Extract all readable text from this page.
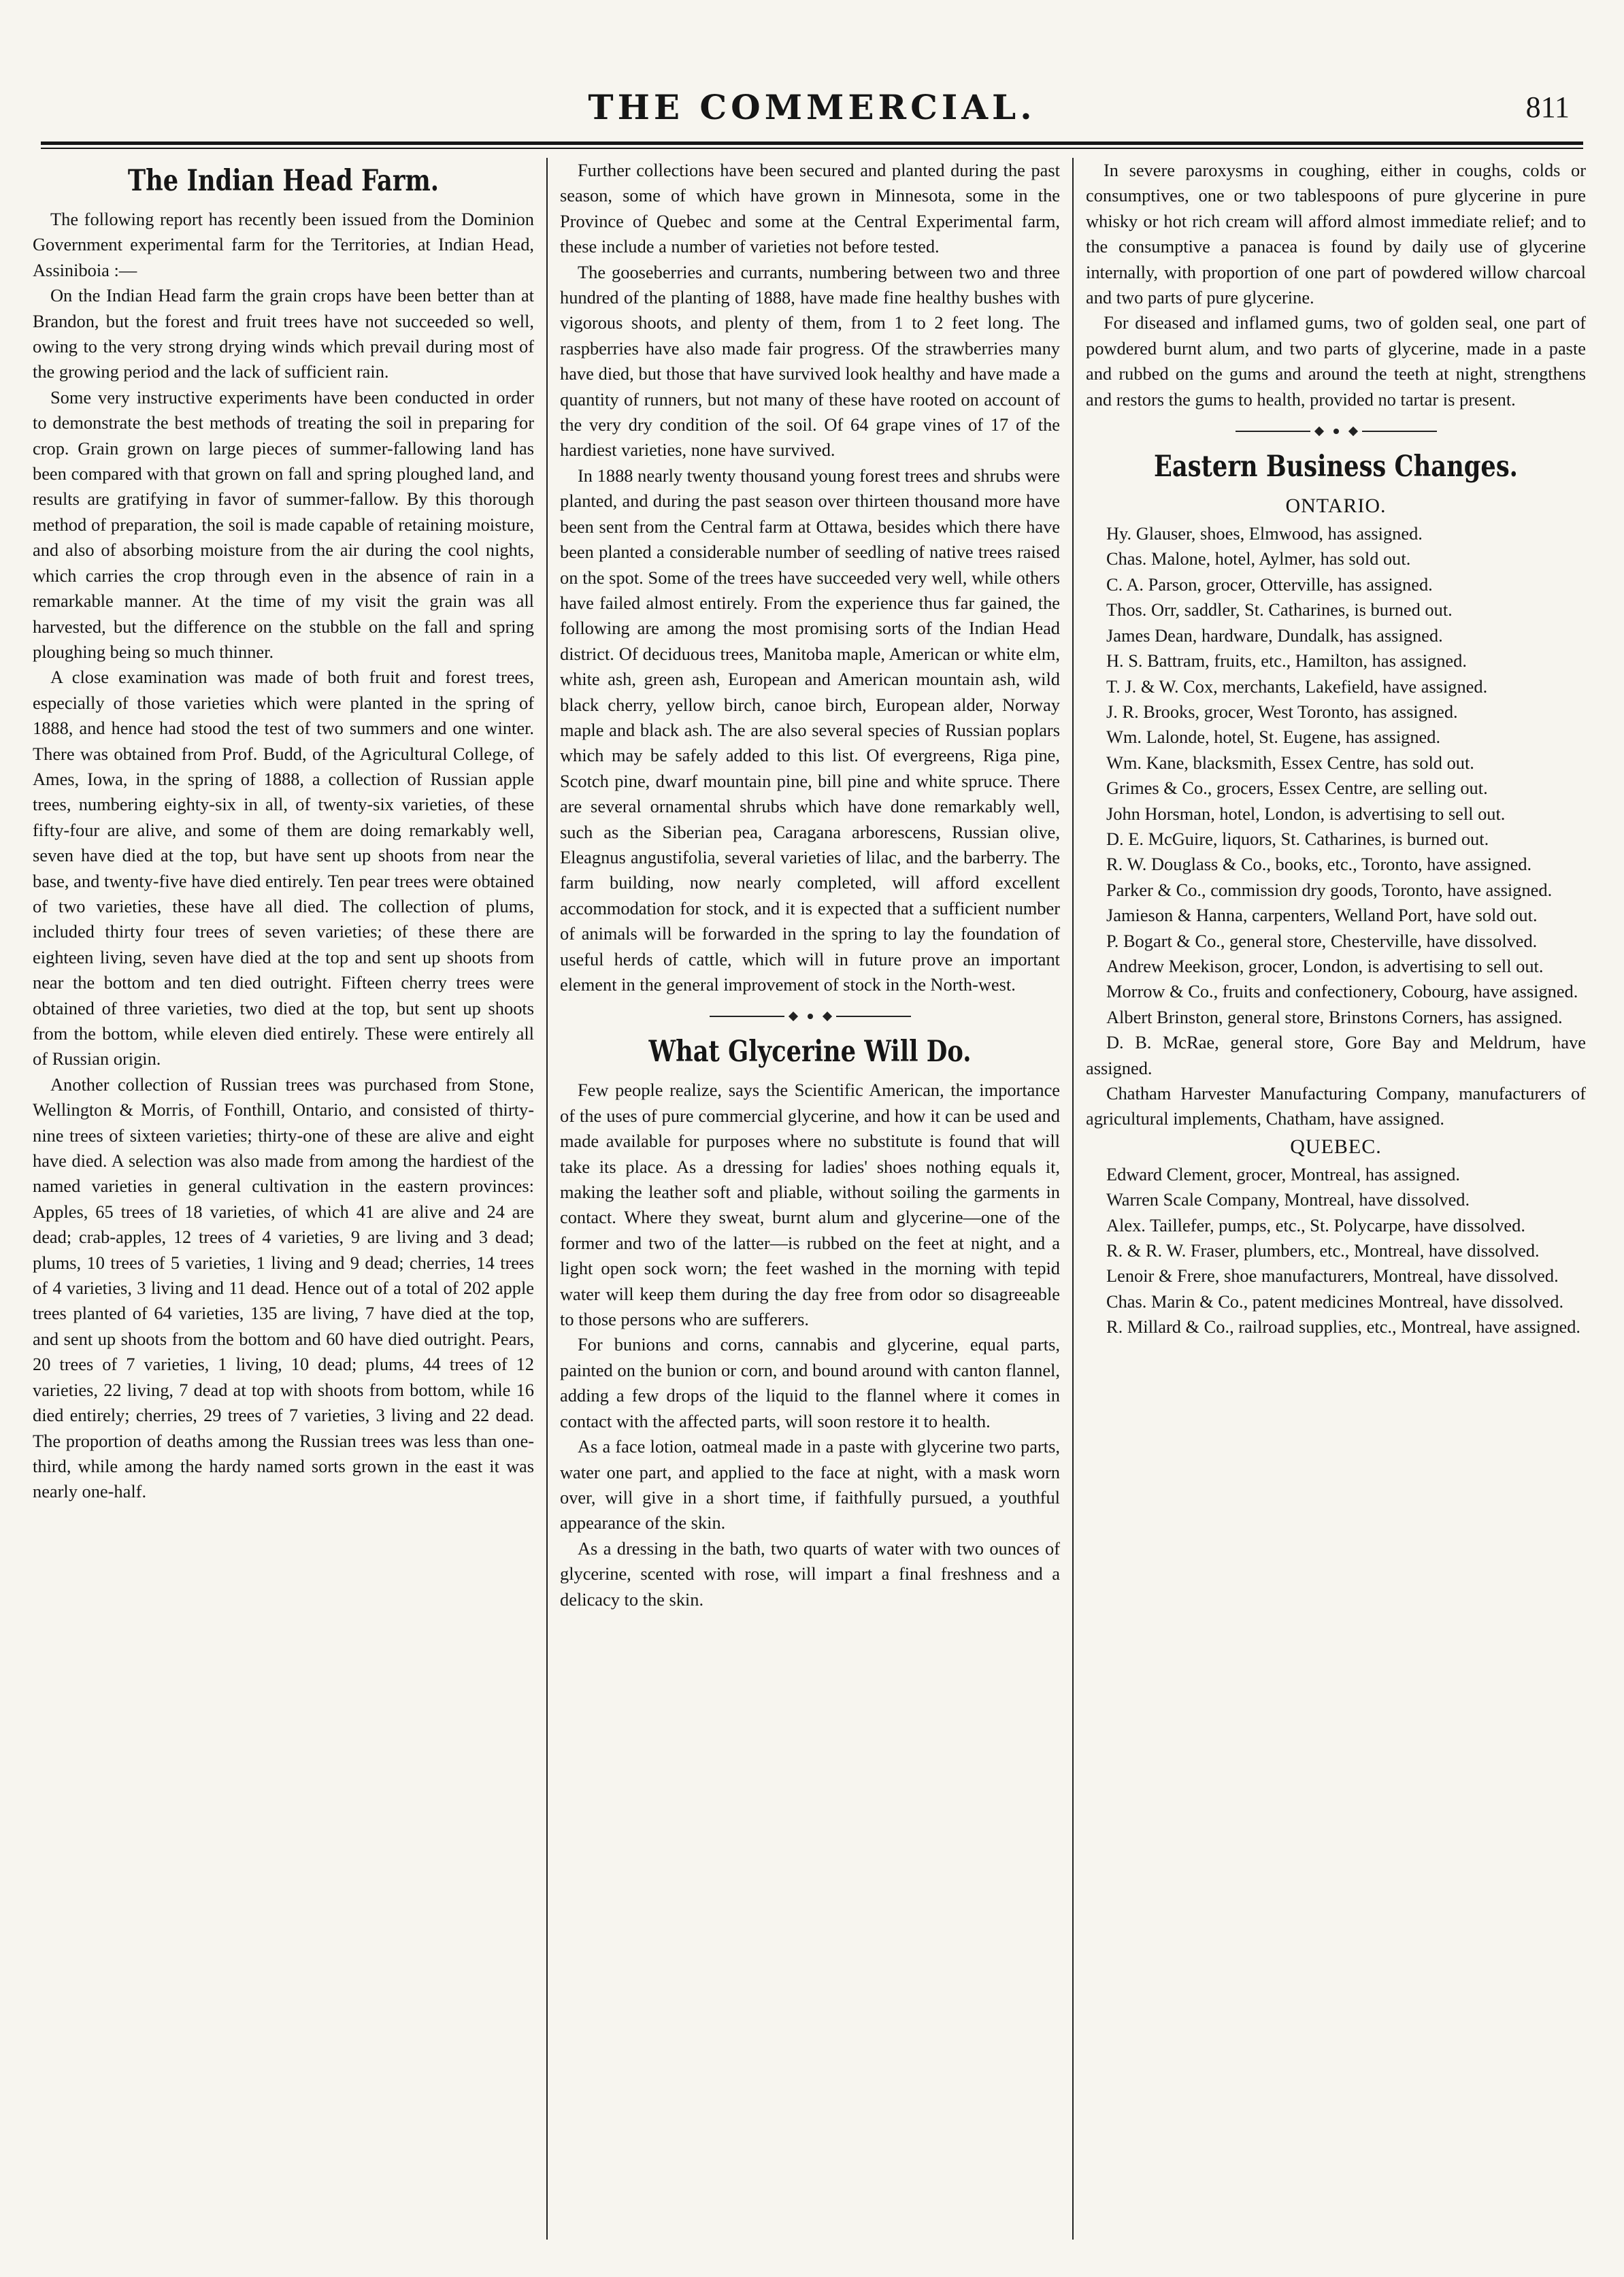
THE COMMERCIAL.	811
The Indian Head Farm.

The following report has recently been issued from the Dominion Government experimental farm for the Territories, at Indian Head, Assiniboia :—

On the Indian Head farm the grain crops have been better than at Brandon, but the forest and fruit trees have not succeeded so well, owing to the very strong drying winds which prevail during most of the growing period and the lack of sufficient rain.

Some very instructive experiments have been conducted in order to demonstrate the best methods of treating the soil in preparing for crop. Grain grown on large pieces of summer-fallowing land has been compared with that grown on fall and spring ploughed land, and results are gratifying in favor of summer-fallow. By this thorough method of preparation, the soil is made capable of retaining moisture, and also of absorbing moisture from the air during the cool nights, which carries the crop through even in the absence of rain in a remarkable manner. At the time of my visit the grain was all harvested, but the difference on the stubble on the fall and spring ploughing being so much thinner.

A close examination was made of both fruit and forest trees, especially of those varieties which were planted in the spring of 1888, and hence had stood the test of two summers and one winter. There was obtained from Prof. Budd, of the Agricultural College, of Ames, Iowa, in the spring of 1888, a collection of Russian apple trees, numbering eighty-six in all, of twenty-six varieties, of these fifty-four are alive, and some of them are doing remarkably well, seven have died at the top, but have sent up shoots from near the base, and twenty-five have died entirely. Ten pear trees were obtained of two varieties, these have all died. The collection of plums, included thirty four trees of seven varieties; of these there are eighteen living, seven have died at the top and sent up shoots from near the bottom and ten died outright. Fifteen cherry trees were obtained of three varieties, two died at the top, but sent up shoots from the bottom, while eleven died entirely. These were entirely all of Russian origin.

Another collection of Russian trees was purchased from Stone, Wellington & Morris, of Fonthill, Ontario, and consisted of thirty-nine trees of sixteen varieties; thirty-one of these are alive and eight have died. A selection was also made from among the hardiest of the named varieties in general cultivation in the eastern provinces: Apples, 65 trees of 18 varieties, of which 41 are alive and 24 are dead; crab-apples, 12 trees of 4 varieties, 9 are living and 3 dead; plums, 10 trees of 5 varieties, 1 living and 9 dead; cherries, 14 trees of 4 varieties, 3 living and 11 dead. Hence out of a total of 202 apple trees planted of 64 varieties, 135 are living, 7 have died at the top, and sent up shoots from the bottom and 60 have died outright. Pears, 20 trees of 7 varieties, 1 living, 10 dead; plums, 44 trees of 12 varieties, 22 living, 7 dead at top with shoots from bottom, while 16 died entirely; cherries, 29 trees of 7 varieties, 3 living and 22 dead. The proportion of deaths among the Russian trees was less than one-third, while among the hardy named sorts grown in the east it was nearly one-half.

Further collections have been secured and planted during the past season, some of which have grown in Minnesota, some in the Province of Quebec and some at the Central Experimental farm, these include a number of varieties not before tested.

The gooseberries and currants, numbering between two and three hundred of the planting of 1888, have made fine healthy bushes with vigorous shoots, and plenty of them, from 1 to 2 feet long. The raspberries have also made fair progress. Of the strawberries many have died, but those that have survived look healthy and have made a quantity of runners, but not many of these have rooted on account of the very dry condition of the soil. Of 64 grape vines of 17 of the hardiest varieties, none have survived.

In 1888 nearly twenty thousand young forest trees and shrubs were planted, and during the past season over thirteen thousand more have been sent from the Central farm at Ottawa, besides which there have been planted a considerable number of seedling of native trees raised on the spot. Some of the trees have succeeded very well, while others have failed almost entirely. From the experience thus far gained, the following are among the most promising sorts of the Indian Head district. Of deciduous trees, Manitoba maple, American or white elm, white ash, green ash, European and American mountain ash, wild black cherry, yellow birch, canoe birch, European alder, Norway maple and black ash. The are also several species of Russian poplars which may be safely added to this list. Of evergreens, Riga pine, Scotch pine, dwarf mountain pine, bill pine and white spruce. There are several ornamental shrubs which have done remarkably well, such as the Siberian pea, Caragana arborescens, Russian olive, Eleagnus angustifolia, several varieties of lilac, and the barberry. The farm building, now nearly completed, will afford excellent accommodation for stock, and it is expected that a sufficient number of animals will be forwarded in the spring to lay the foundation of useful herds of cattle, which will in future prove an important element in the general improvement of stock in the North-west.

What Glycerine Will Do.

Few people realize, says the Scientific American, the importance of the uses of pure commercial glycerine, and how it can be used and made available for purposes where no substitute is found that will take its place. As a dressing for ladies' shoes nothing equals it, making the leather soft and pliable, without soiling the garments in contact. Where they sweat, burnt alum and glycerine—one of the former and two of the latter—is rubbed on the feet at night, and a light open sock worn; the feet washed in the morning with tepid water will keep them during the day free from odor so disagreeable to those persons who are sufferers.

For bunions and corns, cannabis and glycerine, equal parts, painted on the bunion or corn, and bound around with canton flannel, adding a few drops of the liquid to the flannel where it comes in contact with the affected parts, will soon restore it to health.

As a face lotion, oatmeal made in a paste with glycerine two parts, water one part, and applied to the face at night, with a mask worn over, will give in a short time, if faithfully pursued, a youthful appearance of the skin.

As a dressing in the bath, two quarts of water with two ounces of glycerine, scented with rose, will impart a final freshness and a delicacy to the skin.

In severe paroxysms in coughing, either in coughs, colds or consumptives, one or two tablespoons of pure glycerine in pure whisky or hot rich cream will afford almost immediate relief; and to the consumptive a panacea is found by daily use of glycerine internally, with proportion of one part of powdered willow charcoal and two parts of pure glycerine.

For diseased and inflamed gums, two of golden seal, one part of powdered burnt alum, and two parts of glycerine, made in a paste and rubbed on the gums and around the teeth at night, strengthens and restors the gums to health, provided no tartar is present.

Eastern Business Changes.
ONTARIO.

Hy. Glauser, shoes, Elmwood, has assigned.

Chas. Malone, hotel, Aylmer, has sold out.

C. A. Parson, grocer, Otterville, has assigned.

Thos. Orr, saddler, St. Catharines, is burned out.

James Dean, hardware, Dundalk, has assigned.

H. S. Battram, fruits, etc., Hamilton, has assigned.

T. J. & W. Cox, merchants, Lakefield, have assigned.

J. R. Brooks, grocer, West Toronto, has assigned.

Wm. Lalonde, hotel, St. Eugene, has assigned.

Wm. Kane, blacksmith, Essex Centre, has sold out.

Grimes & Co., grocers, Essex Centre, are selling out.

John Horsman, hotel, London, is advertising to sell out.

D. E. McGuire, liquors, St. Catharines, is burned out.

R. W. Douglass & Co., books, etc., Toronto, have assigned.

Parker & Co., commission dry goods, Toronto, have assigned.

Jamieson & Hanna, carpenters, Welland Port, have sold out.

P. Bogart & Co., general store, Chesterville, have dissolved.

Andrew Meekison, grocer, London, is advertising to sell out.

Morrow & Co., fruits and confectionery, Cobourg, have assigned.

Albert Brinston, general store, Brinstons Corners, has assigned.

D. B. McRae, general store, Gore Bay and Meldrum, have assigned.

Chatham Harvester Manufacturing Company, manufacturers of agricultural implements, Chatham, have assigned.

QUEBEC.

Edward Clement, grocer, Montreal, has assigned.

Warren Scale Company, Montreal, have dissolved.

Alex. Taillefer, pumps, etc., St. Polycarpe, have dissolved.

R. & R. W. Fraser, plumbers, etc., Montreal, have dissolved.

Lenoir & Frere, shoe manufacturers, Montreal, have dissolved.

Chas. Marin & Co., patent medicines Montreal, have dissolved.

R. Millard & Co., railroad supplies, etc., Montreal, have assigned.
